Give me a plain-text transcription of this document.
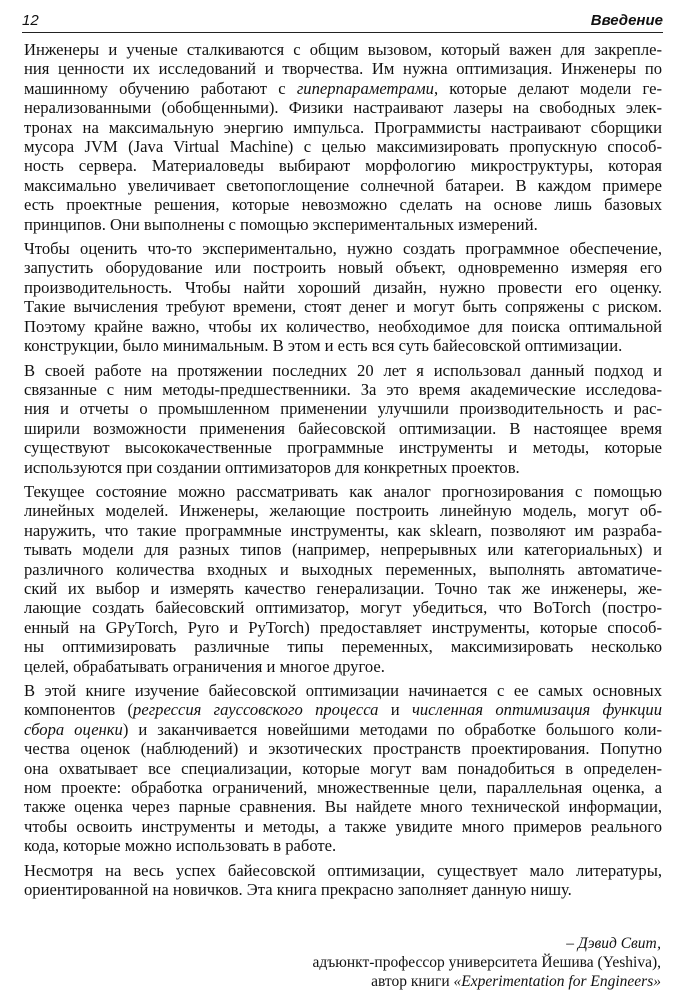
12	Введение
Инженеры и ученые сталкиваются с общим вызовом, который важен для закрепле-
ния ценности их исследований и творчества. Им нужна оптимизация. Инженеры по
машинному обучению работают с гиперпараметрами, которые делают модели ге-
нерализованными (обобщенными). Физики настраивают лазеры на свободных элек-
тронах на максимальную энергию импульса. Программисты настраивают сборщики
мусора JVM (Java Virtual Machine) с целью максимизировать пропускную способ-
ность сервера. Материаловеды выбирают морфологию микроструктуры, которая
максимально увеличивает светопоглощение солнечной батареи. В каждом примере
есть проектные решения, которые невозможно сделать на основе лишь базовых
принципов. Они выполнены с помощью экспериментальных измерений.
Чтобы оценить что-то экспериментально, нужно создать программное обеспечение,
запустить оборудование или построить новый объект, одновременно измеряя его
производительность. Чтобы найти хороший дизайн, нужно провести его оценку.
Такие вычисления требуют времени, стоят денег и могут быть сопряжены с риском.
Поэтому крайне важно, чтобы их количество, необходимое для поиска оптимальной
конструкции, было минимальным. В этом и есть вся суть байесовской оптимизации.
В своей работе на протяжении последних 20 лет я использовал данный подход и
связанные с ним методы-предшественники. За это время академические исследова-
ния и отчеты о промышленном применении улучшили производительность и рас-
ширили возможности применения байесовской оптимизации. В настоящее время
существуют высококачественные программные инструменты и методы, которые
используются при создании оптимизаторов для конкретных проектов.
Текущее состояние можно рассматривать как аналог прогнозирования с помощью
линейных моделей. Инженеры, желающие построить линейную модель, могут об-
наружить, что такие программные инструменты, как sklearn, позволяют им разраба-
тывать модели для разных типов (например, непрерывных или категориальных) и
различного количества входных и выходных переменных, выполнять автоматиче-
ский их выбор и измерять качество генерализации. Точно так же инженеры, же-
лающие создать байесовский оптимизатор, могут убедиться, что BoTorch (постро-
енный на GPyTorch, Pyro и PyTorch) предоставляет инструменты, которые способ-
ны оптимизировать различные типы переменных, максимизировать несколько
целей, обрабатывать ограничения и многое другое.
В этой книге изучение байесовской оптимизации начинается с ее самых основных
компонентов (регрессия гауссовского процесса и численная оптимизация функции
сбора оценки) и заканчивается новейшими методами по обработке большого коли-
чества оценок (наблюдений) и экзотических пространств проектирования. Попутно
она охватывает все специализации, которые могут вам понадобиться в определен-
ном проекте: обработка ограничений, множественные цели, параллельная оценка, а
также оценка через парные сравнения. Вы найдете много технической информации,
чтобы освоить инструменты и методы, а также увидите много примеров реального
кода, которые можно использовать в работе.
Несмотря на весь успех байесовской оптимизации, существует мало литературы,
ориентированной на новичков. Эта книга прекрасно заполняет данную нишу.
– Дэвид Свит,
адъюнкт-профессор университета Йешива (Yeshiva),
автор книги «Experimentation for Engineers»
